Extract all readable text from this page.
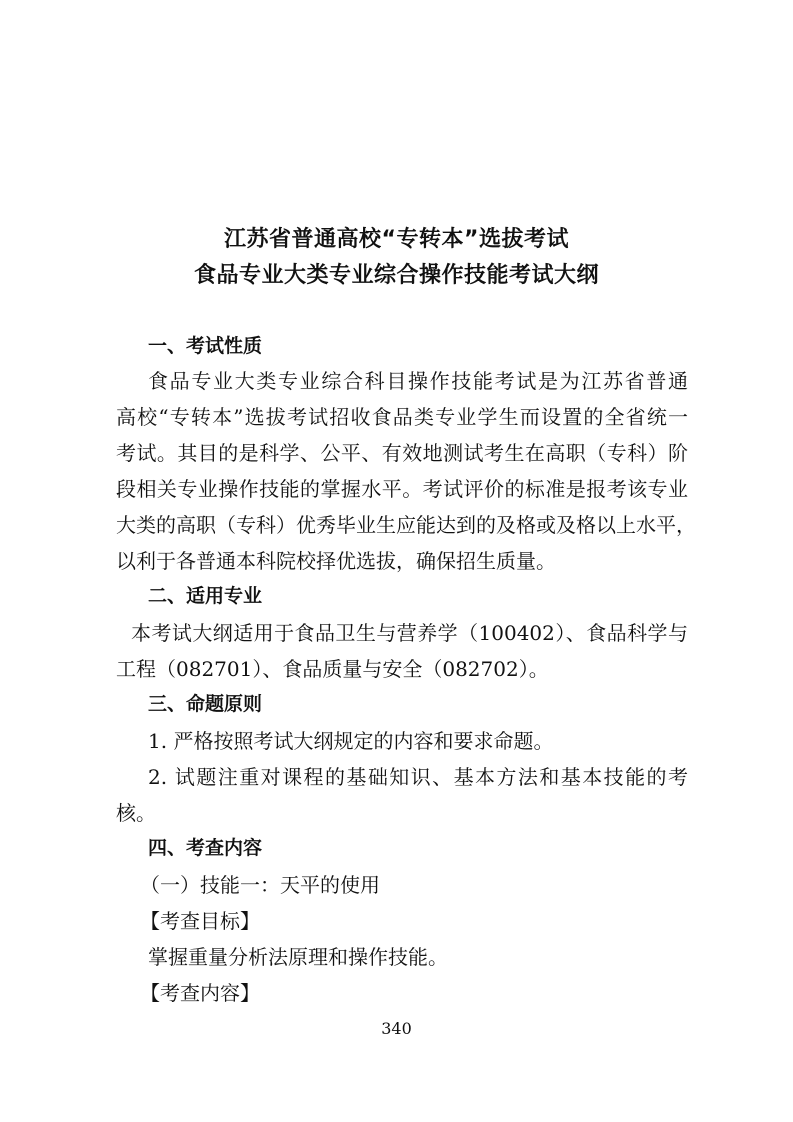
江苏省普通高校“专转本”选拔考试
食品专业大类专业综合操作技能考试大纲
一、考试性质
食品专业大类专业综合科目操作技能考试是为江苏省普通
高校“专转本”选拔考试招收食品类专业学生而设置的全省统一
考试。其目的是科学、公平、有效地测试考生在高职（专科）阶
段相关专业操作技能的掌握水平。考试评价的标准是报考该专业
大类的高职（专科）优秀毕业生应能达到的及格或及格以上水平，
以利于各普通本科院校择优选拔，确保招生质量。
二、适用专业
本考试大纲适用于食品卫生与营养学（100402）、食品科学与
工程（082701）、食品质量与安全（082702）。
三、命题原则
1. 严格按照考试大纲规定的内容和要求命题。
2. 试题注重对课程的基础知识、基本方法和基本技能的考
核。
四、考查内容
（一）技能一：天平的使用
【考查目标】
掌握重量分析法原理和操作技能。
【考查内容】
340
